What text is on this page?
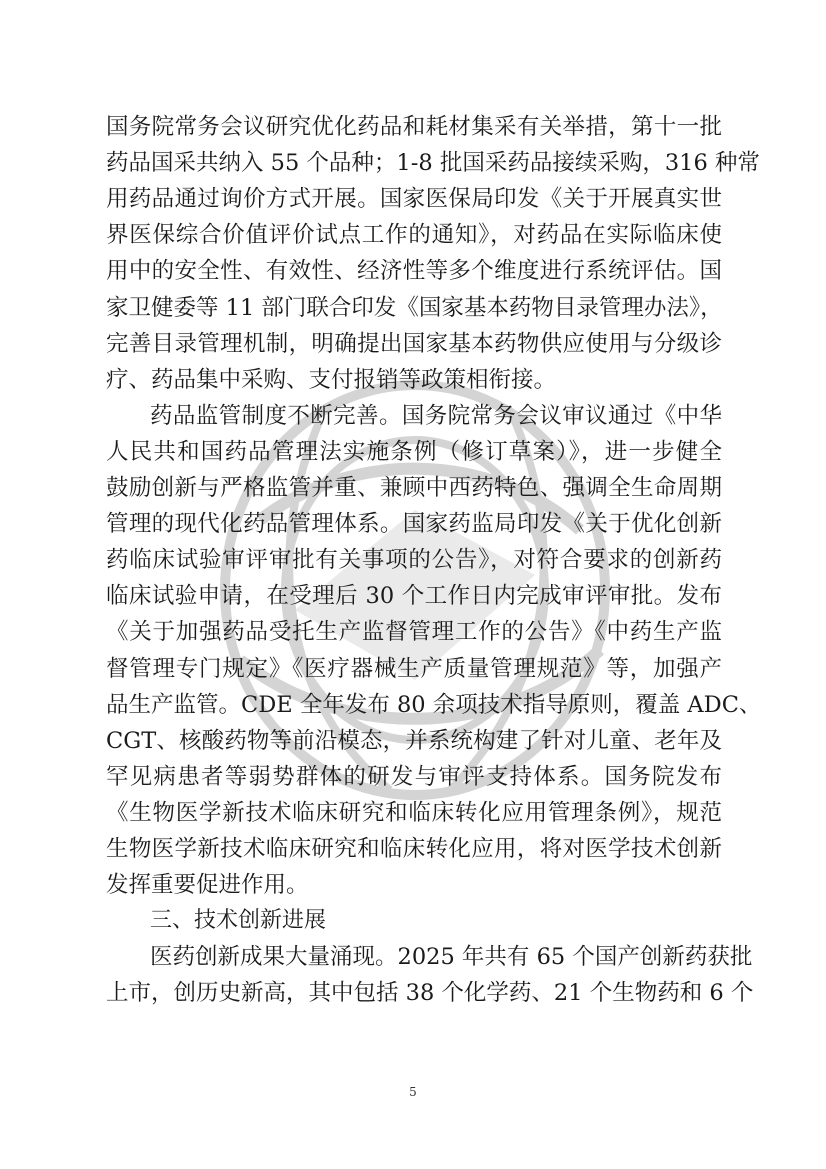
国务院常务会议研究优化药品和耗材集采有关举措，第十一批
药品国采共纳入 55 个品种；1-8 批国采药品接续采购，316 种常
用药品通过询价方式开展。国家医保局印发《关于开展真实世
界医保综合价值评价试点工作的通知》，对药品在实际临床使
用中的安全性、有效性、经济性等多个维度进行系统评估。国
家卫健委等 11 部门联合印发《国家基本药物目录管理办法》，
完善目录管理机制，明确提出国家基本药物供应使用与分级诊
疗、药品集中采购、支付报销等政策相衔接。
药品监管制度不断完善。国务院常务会议审议通过《中华
人民共和国药品管理法实施条例（修订草案）》，进一步健全
鼓励创新与严格监管并重、兼顾中西药特色、强调全生命周期
管理的现代化药品管理体系。国家药监局印发《关于优化创新
药临床试验审评审批有关事项的公告》，对符合要求的创新药
临床试验申请，在受理后 30 个工作日内完成审评审批。发布
《关于加强药品受托生产监督管理工作的公告》《中药生产监
督管理专门规定》《医疗器械生产质量管理规范》等，加强产
品生产监管。CDE 全年发布 80 余项技术指导原则，覆盖 ADC、
CGT、核酸药物等前沿模态，并系统构建了针对儿童、老年及
罕见病患者等弱势群体的研发与审评支持体系。国务院发布
《生物医学新技术临床研究和临床转化应用管理条例》，规范
生物医学新技术临床研究和临床转化应用，将对医学技术创新
发挥重要促进作用。
三、技术创新进展
医药创新成果大量涌现。2025 年共有 65 个国产创新药获批
上市，创历史新高，其中包括 38 个化学药、21 个生物药和 6 个
5
